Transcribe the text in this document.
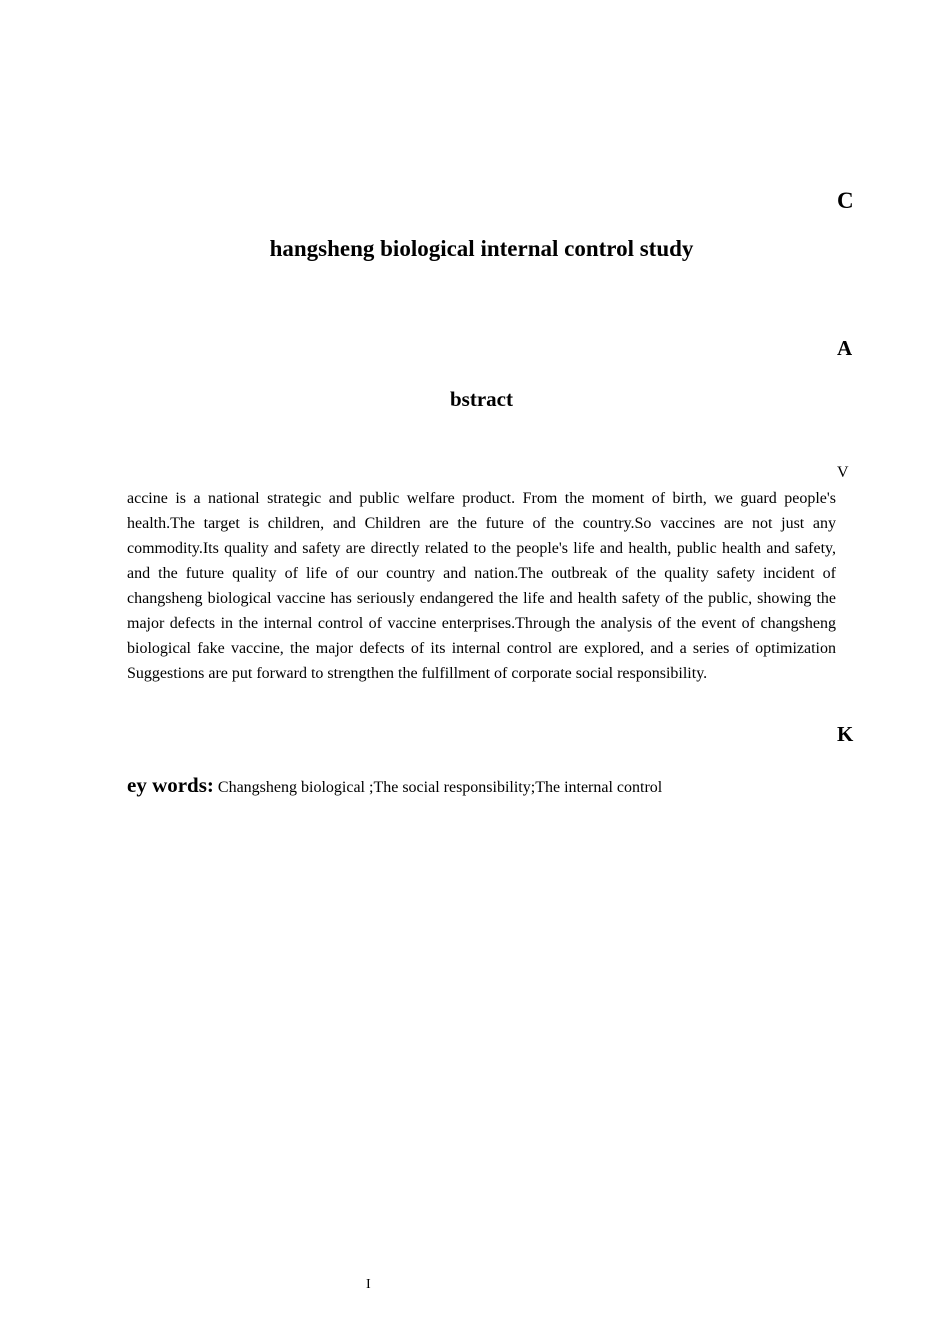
C

hangsheng biological internal control study

A

bstract

V

accine is a national strategic and public welfare product. From the moment of birth, we guard people's health.The target is children, and Children are the future of the country.So vaccines are not just any commodity.Its quality and safety are directly related to the people's life and health, public health and safety, and the future quality of life of our country and nation.The outbreak of the quality safety incident of changsheng biological vaccine has seriously endangered the life and health safety of the public, showing the major defects in the internal control of vaccine enterprises.Through the analysis of the event of changsheng biological fake vaccine, the major defects of its internal control are explored, and a series of optimization Suggestions are put forward to strengthen the fulfillment of corporate social responsibility.

K

ey words: Changsheng biological ;The social responsibility;The internal control

I
